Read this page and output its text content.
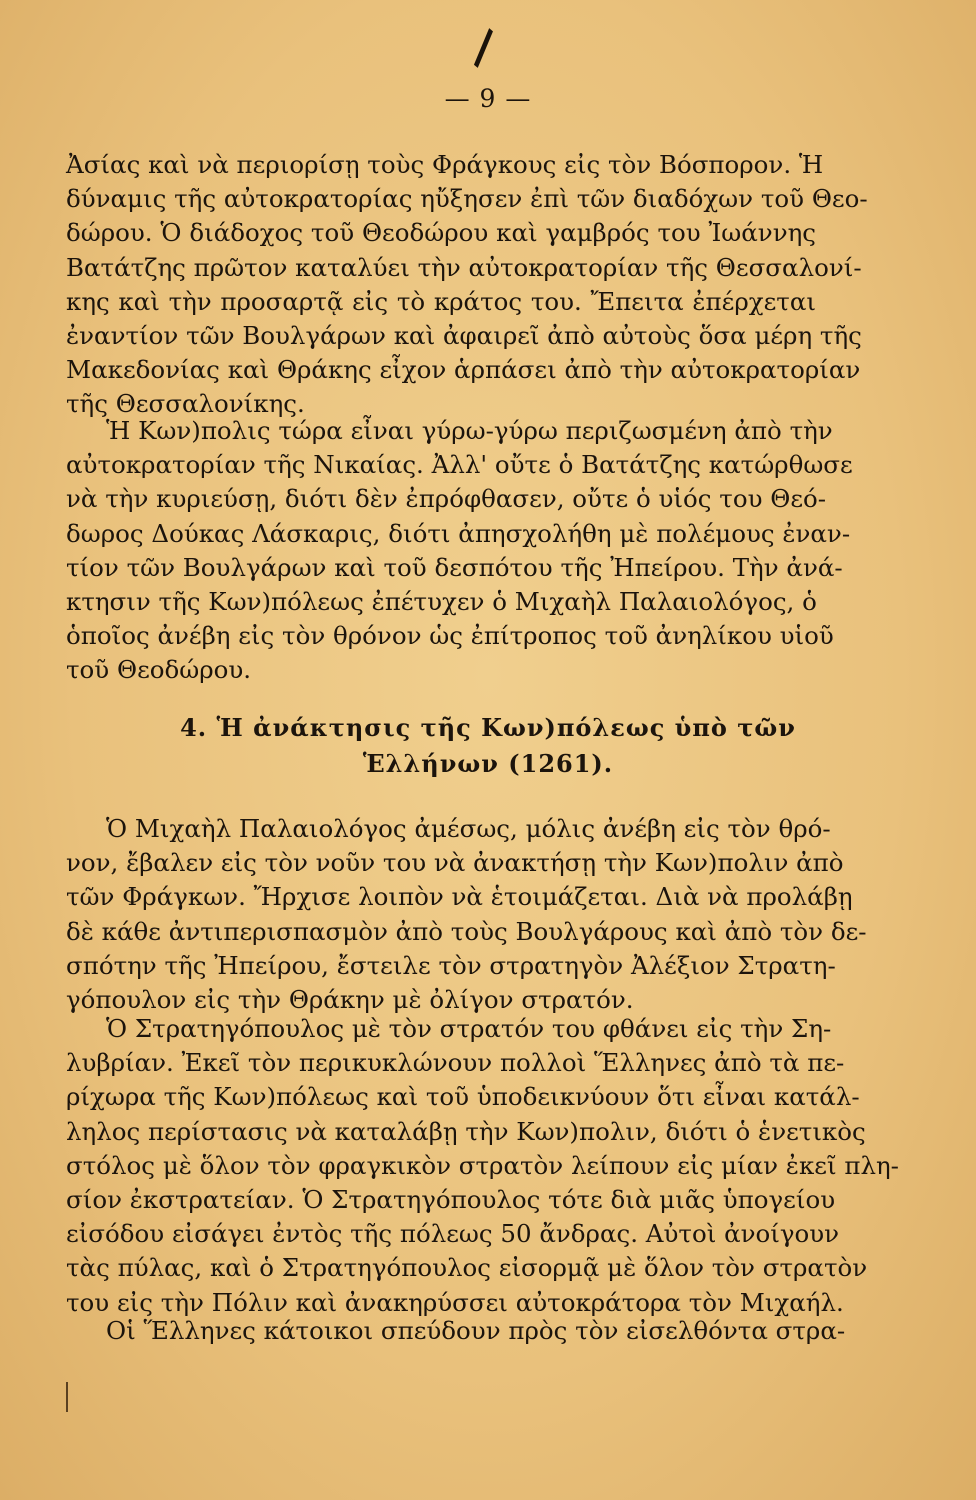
\
— 9 —
Ἀσίας καὶ νὰ περιορίσῃ τοὺς Φράγκους εἰς τὸν Βόσπορον. Ἡ
δύναμις τῆς αὐτοκρατορίας ηὔξησεν ἐπὶ τῶν διαδόχων τοῦ Θεο-
δώρου. Ὁ διάδοχος τοῦ Θεοδώρου καὶ γαμβρός του Ἰωάννης
Βατάτζης πρῶτον καταλύει τὴν αὐτοκρατορίαν τῆς Θεσσαλονί-
κης καὶ τὴν προσαρτᾷ εἰς τὸ κράτος του. Ἔπειτα ἐπέρχεται
ἐναντίον τῶν Βουλγάρων καὶ ἀφαιρεῖ ἀπὸ αὐτοὺς ὅσα μέρη τῆς
Μακεδονίας καὶ Θράκης εἶχον ἁρπάσει ἀπὸ τὴν αὐτοκρατορίαν
τῆς Θεσσαλονίκης.
Ἡ Κων)πολις τώρα εἶναι γύρω-γύρω περιζωσμένη ἀπὸ τὴν
αὐτοκρατορίαν τῆς Νικαίας. Ἀλλ' οὔτε ὁ Βατάτζης κατώρθωσε
νὰ τὴν κυριεύσῃ, διότι δὲν ἐπρόφθασεν, οὔτε ὁ υἱός του Θεό-
δωρος Δούκας Λάσκαρις, διότι ἀπησχολήθη μὲ πολέμους ἐναν-
τίον τῶν Βουλγάρων καὶ τοῦ δεσπότου τῆς Ἠπείρου. Τὴν ἀνά-
κτησιν τῆς Κων)πόλεως ἐπέτυχεν ὁ Μιχαὴλ Παλαιολόγος, ὁ
ὁποῖος ἀνέβη εἰς τὸν θρόνον ὡς ἐπίτροπος τοῦ ἀνηλίκου υἱοῦ
τοῦ Θεοδώρου.
4. Ἡ ἀνάκτησις τῆς Κων)πόλεως ὑπὸ τῶν
Ἑλλήνων (1261).
Ὁ Μιχαὴλ Παλαιολόγος ἀμέσως, μόλις ἀνέβη εἰς τὸν θρό-
νον, ἔβαλεν εἰς τὸν νοῦν του νὰ ἀνακτήσῃ τὴν Κων)πολιν ἀπὸ
τῶν Φράγκων. Ἤρχισε λοιπὸν νὰ ἑτοιμάζεται. Διὰ νὰ προλάβῃ
δὲ κάθε ἀντιπερισπασμὸν ἀπὸ τοὺς Βουλγάρους καὶ ἀπὸ τὸν δε-
σπότην τῆς Ἠπείρου, ἔστειλε τὸν στρατηγὸν Ἀλέξιον Στρατη-
γόπουλον εἰς τὴν Θράκην μὲ ὀλίγον στρατόν.
Ὁ Στρατηγόπουλος μὲ τὸν στρατόν του φθάνει εἰς τὴν Ση-
λυβρίαν. Ἐκεῖ τὸν περικυκλώνουν πολλοὶ Ἕλληνες ἀπὸ τὰ πε-
ρίχωρα τῆς Κων)πόλεως καὶ τοῦ ὑποδεικνύουν ὅτι εἶναι κατάλ-
ληλος περίστασις νὰ καταλάβῃ τὴν Κων)πολιν, διότι ὁ ἑνετικὸς
στόλος μὲ ὅλον τὸν φραγκικὸν στρατὸν λείπουν εἰς μίαν ἐκεῖ πλη-
σίον ἐκστρατείαν. Ὁ Στρατηγόπουλος τότε διὰ μιᾶς ὑπογείου
εἰσόδου εἰσάγει ἐντὸς τῆς πόλεως 50 ἄνδρας. Αὐτοὶ ἀνοίγουν
τὰς πύλας, καὶ ὁ Στρατηγόπουλος εἰσορμᾷ μὲ ὅλον τὸν στρατὸν
του εἰς τὴν Πόλιν καὶ ἀνακηρύσσει αὐτοκράτορα τὸν Μιχαήλ.
Οἱ Ἕλληνες κάτοικοι σπεύδουν πρὸς τὸν εἰσελθόντα στρα-
